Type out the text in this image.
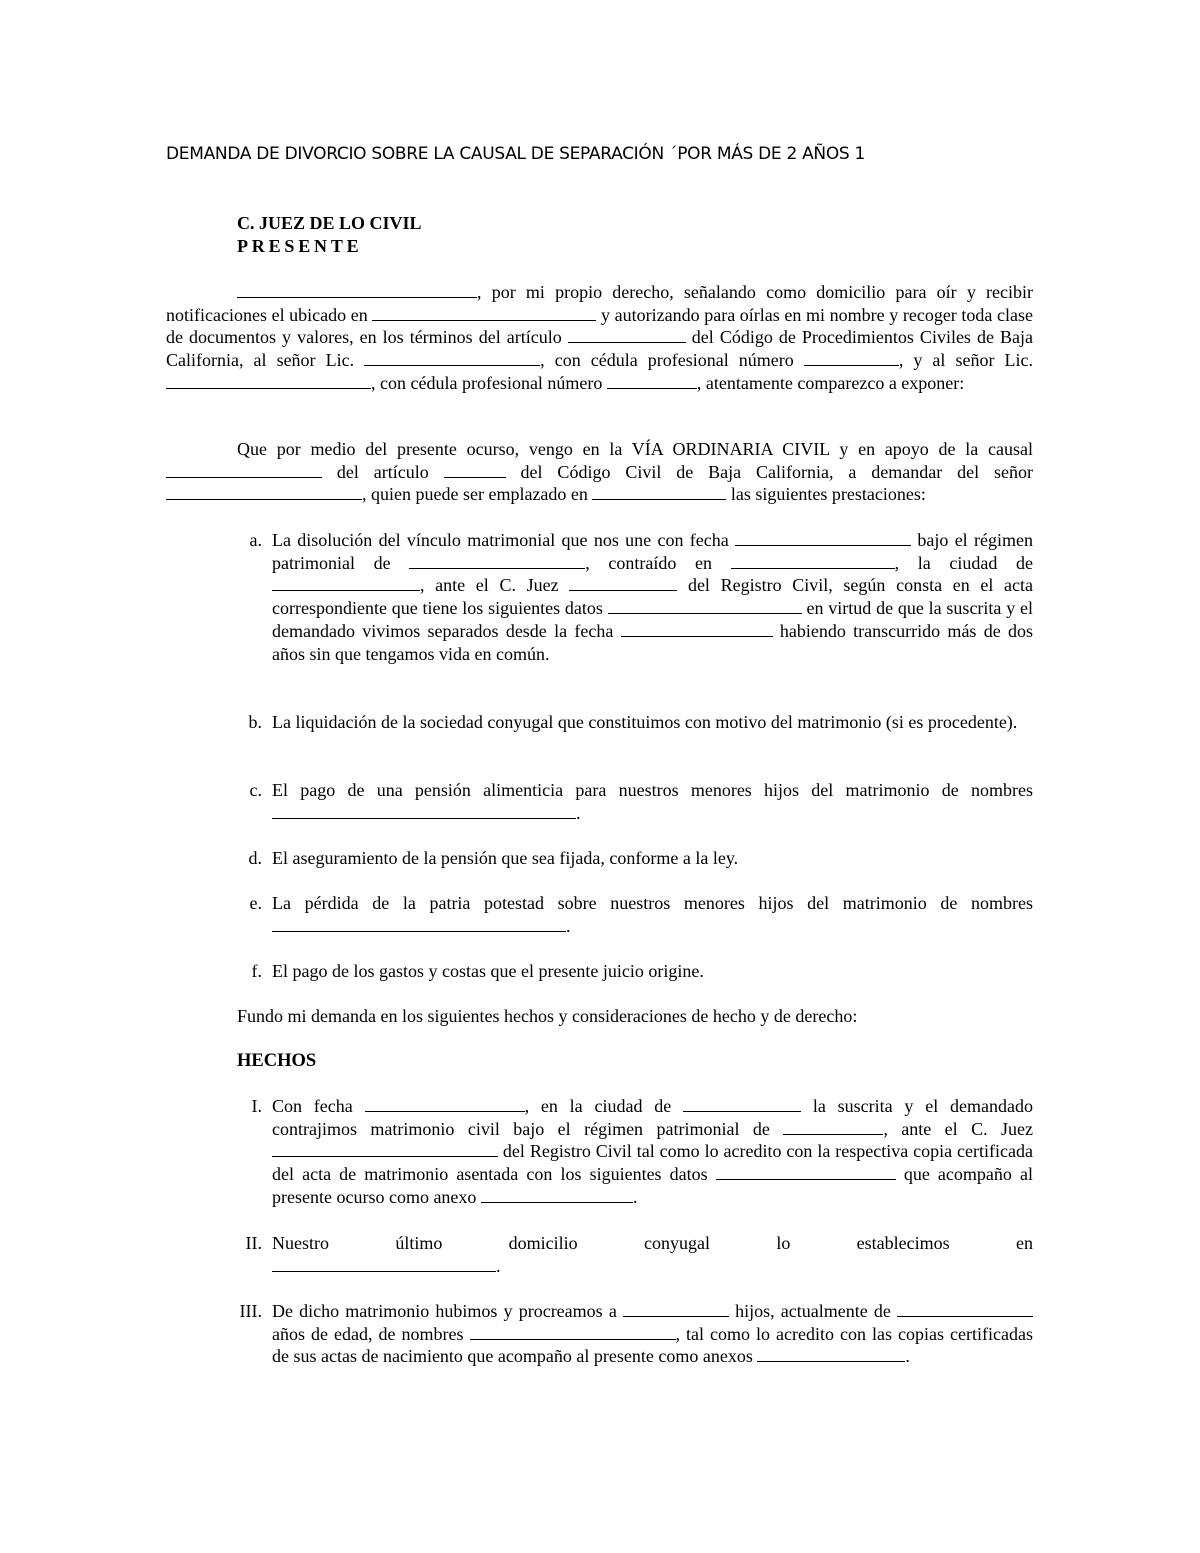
DEMANDA DE DIVORCIO SOBRE LA CAUSAL DE SEPARACIÓN ´POR MÁS DE 2 AÑOS 1
C. JUEZ DE LO CIVIL
PRESENTE
, por mi propio derecho, señalando como domicilio para oír y recibir notificaciones el ubicado en	y autorizando para oírlas en mi nombre y recoger toda clase de documentos y valores, en los términos del artículo	del Código de Procedimientos Civiles de Baja California, al señor Lic.	, con cédula profesional número	, y al señor Lic. , con cédula profesional número	, atentamente comparezco a exponer:
Que por medio del presente ocurso, vengo en la VÍA ORDINARIA CIVIL y en apoyo de la causal  del artículo	del Código Civil de Baja California, a demandar del señor , quien puede ser emplazado en	las siguientes prestaciones:
a. La disolución del vínculo matrimonial que nos une con fecha	bajo el régimen patrimonial de	, contraído en	, la ciudad de , ante el C. Juez	del Registro Civil, según consta en el acta correspondiente que tiene los siguientes datos	en virtud de que la suscrita y el demandado vivimos separados desde la fecha	habiendo transcurrido más de dos años sin que tengamos vida en común.
b. La liquidación de la sociedad conyugal que constituimos con motivo del matrimonio (si es procedente).
c. El pago de una pensión alimenticia para nuestros menores hijos del matrimonio de nombres .
d. El aseguramiento de la pensión que sea fijada, conforme a la ley.
e. La pérdida de la patria potestad sobre nuestros menores hijos del matrimonio de nombres .
f. El pago de los gastos y costas que el presente juicio origine.
Fundo mi demanda en los siguientes hechos y consideraciones de hecho y de derecho:
HECHOS
I. Con fecha	, en la ciudad de	la suscrita y el demandado contrajimos matrimonio civil bajo el régimen patrimonial de	, ante el C. Juez  del Registro Civil tal como lo acredito con la respectiva copia certificada del acta de matrimonio asentada con los siguientes datos	que acompaño al presente ocurso como anexo	.
II. Nuestro último domicilio conyugal lo establecimos en .
III. De dicho matrimonio hubimos y procreamos a	hijos, actualmente de  años de edad, de nombres	, tal como lo acredito con las copias certificadas de sus actas de nacimiento que acompaño al presente como anexos	.
